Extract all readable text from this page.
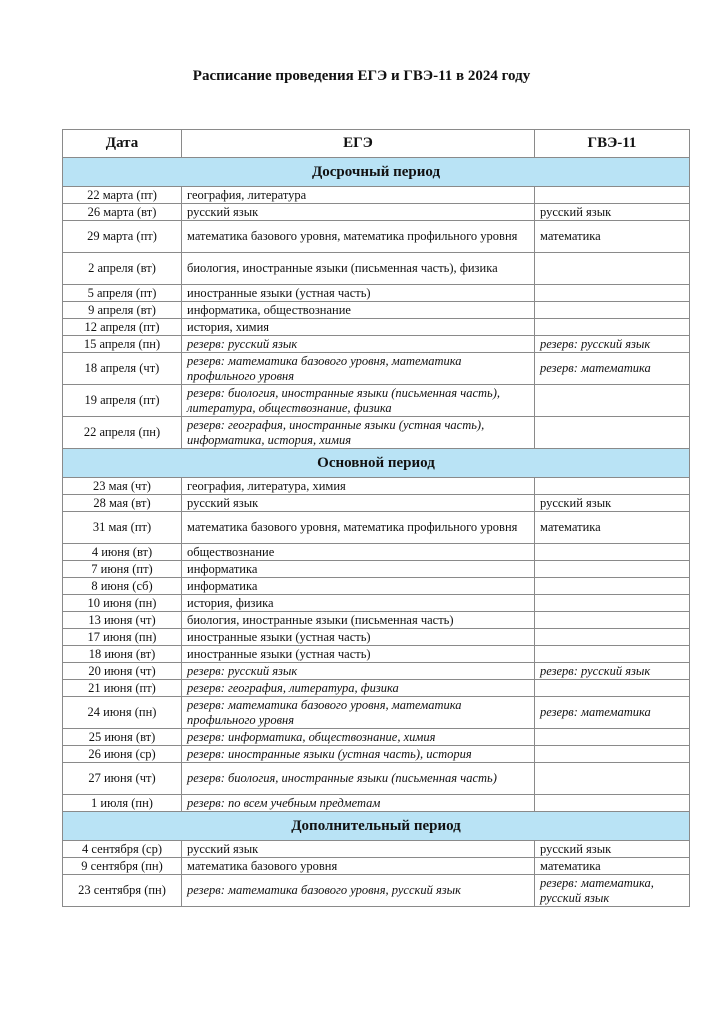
Расписание проведения ЕГЭ и ГВЭ-11 в 2024 году
Дата	ЕГЭ	ГВЭ-11
Досрочный период		
22 марта (пт)	география, литература	
26 марта (вт)	русский язык	русский язык
29 марта (пт)	математика базового уровня, математика профильного уровня	математика
2 апреля (вт)	биология, иностранные языки (письменная часть), физика	
5 апреля (пт)	иностранные языки (устная часть)	
9 апреля (вт)	информатика, обществознание	
12 апреля (пт)	история, химия	
15 апреля (пн)	резерв: русский язык	резерв: русский язык
18 апреля (чт)	резерв: математика базового уровня, математика профильного уровня	резерв: математика
19 апреля (пт)	резерв: биология, иностранные языки (письменная часть), литература, обществознание, физика	
22 апреля (пн)	резерв: география, иностранные языки (устная часть), информатика, история, химия	
Основной период		
23 мая (чт)	география, литература, химия	
28 мая (вт)	русский язык	русский язык
31 мая (пт)	математика базового уровня, математика профильного уровня	математика
4 июня (вт)	обществознание	
7 июня (пт)	информатика	
8 июня (сб)	информатика	
10 июня (пн)	история, физика	
13 июня (чт)	биология, иностранные языки (письменная часть)	
17 июня (пн)	иностранные языки (устная часть)	
18 июня (вт)	иностранные языки (устная часть)	
20 июня (чт)	резерв: русский язык	резерв: русский язык
21 июня (пт)	резерв: география, литература, физика	
24 июня (пн)	резерв: математика базового уровня, математика профильного уровня	резерв: математика
25 июня (вт)	резерв: информатика, обществознание, химия	
26 июня (ср)	резерв: иностранные языки (устная часть), история	
27 июня (чт)	резерв: биология, иностранные языки (письменная часть)	
1 июля (пн)	резерв: по всем учебным предметам	
Дополнительный период		
4 сентября (ср)	русский язык	русский язык
9 сентября (пн)	математика базового уровня	математика
23 сентября (пн)	резерв: математика базового уровня, русский язык	резерв: математика, русский язык
